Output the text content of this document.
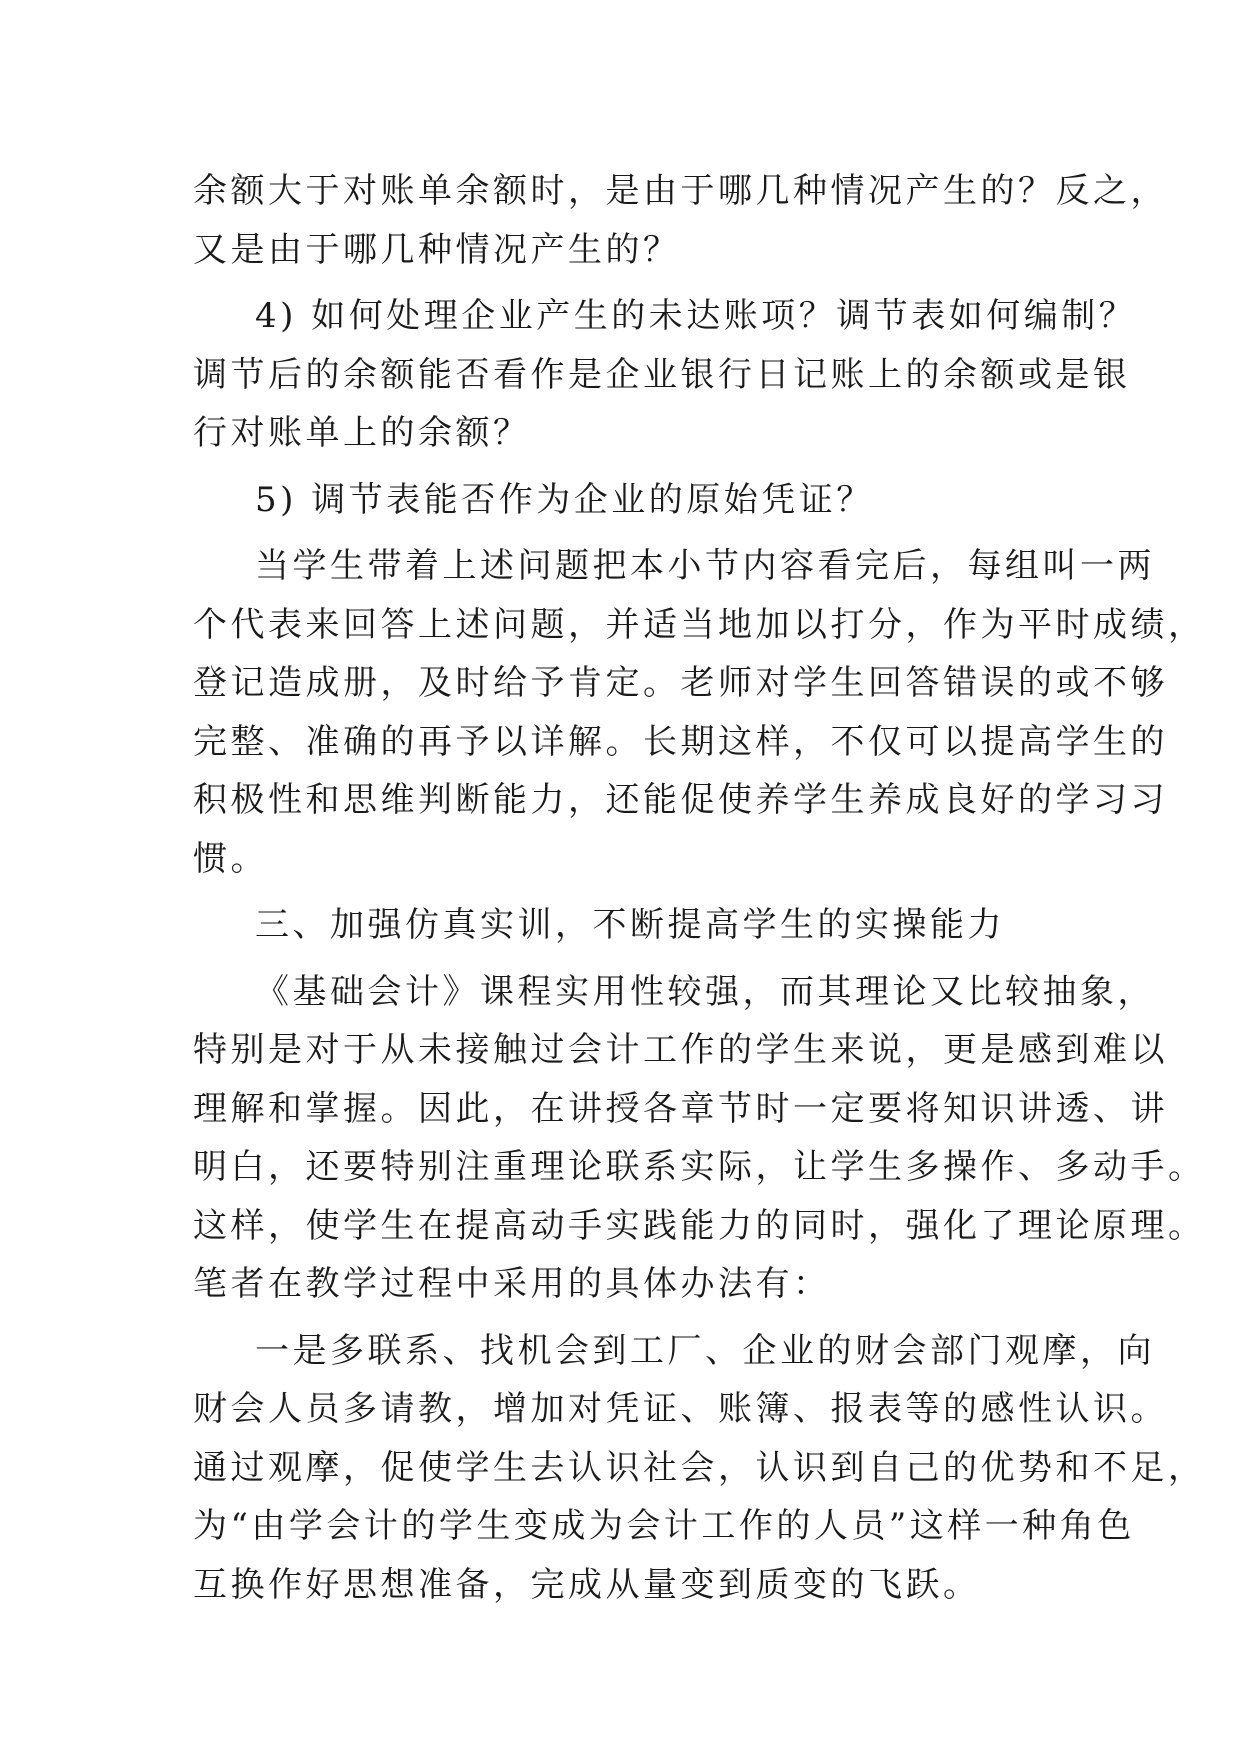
余额大于对账单余额时，是由于哪几种情况产生的？反之，
又是由于哪几种情况产生的？
4) 如何处理企业产生的未达账项？调节表如何编制？
调节后的余额能否看作是企业银行日记账上的余额或是银
行对账单上的余额？
5) 调节表能否作为企业的原始凭证？
当学生带着上述问题把本小节内容看完后，每组叫一两
个代表来回答上述问题，并适当地加以打分，作为平时成绩，
登记造成册，及时给予肯定。老师对学生回答错误的或不够
完整、准确的再予以详解。长期这样，不仅可以提高学生的
积极性和思维判断能力，还能促使养学生养成良好的学习习
惯。
三、加强仿真实训，不断提高学生的实操能力
《基础会计》课程实用性较强，而其理论又比较抽象，
特别是对于从未接触过会计工作的学生来说，更是感到难以
理解和掌握。因此，在讲授各章节时一定要将知识讲透、讲
明白，还要特别注重理论联系实际，让学生多操作、多动手。
这样，使学生在提高动手实践能力的同时，强化了理论原理。
笔者在教学过程中采用的具体办法有：
一是多联系、找机会到工厂、企业的财会部门观摩，向
财会人员多请教，增加对凭证、账簿、报表等的感性认识。
通过观摩，促使学生去认识社会，认识到自己的优势和不足，
为“由学会计的学生变成为会计工作的人员”这样一种角色
互换作好思想准备，完成从量变到质变的飞跃。
